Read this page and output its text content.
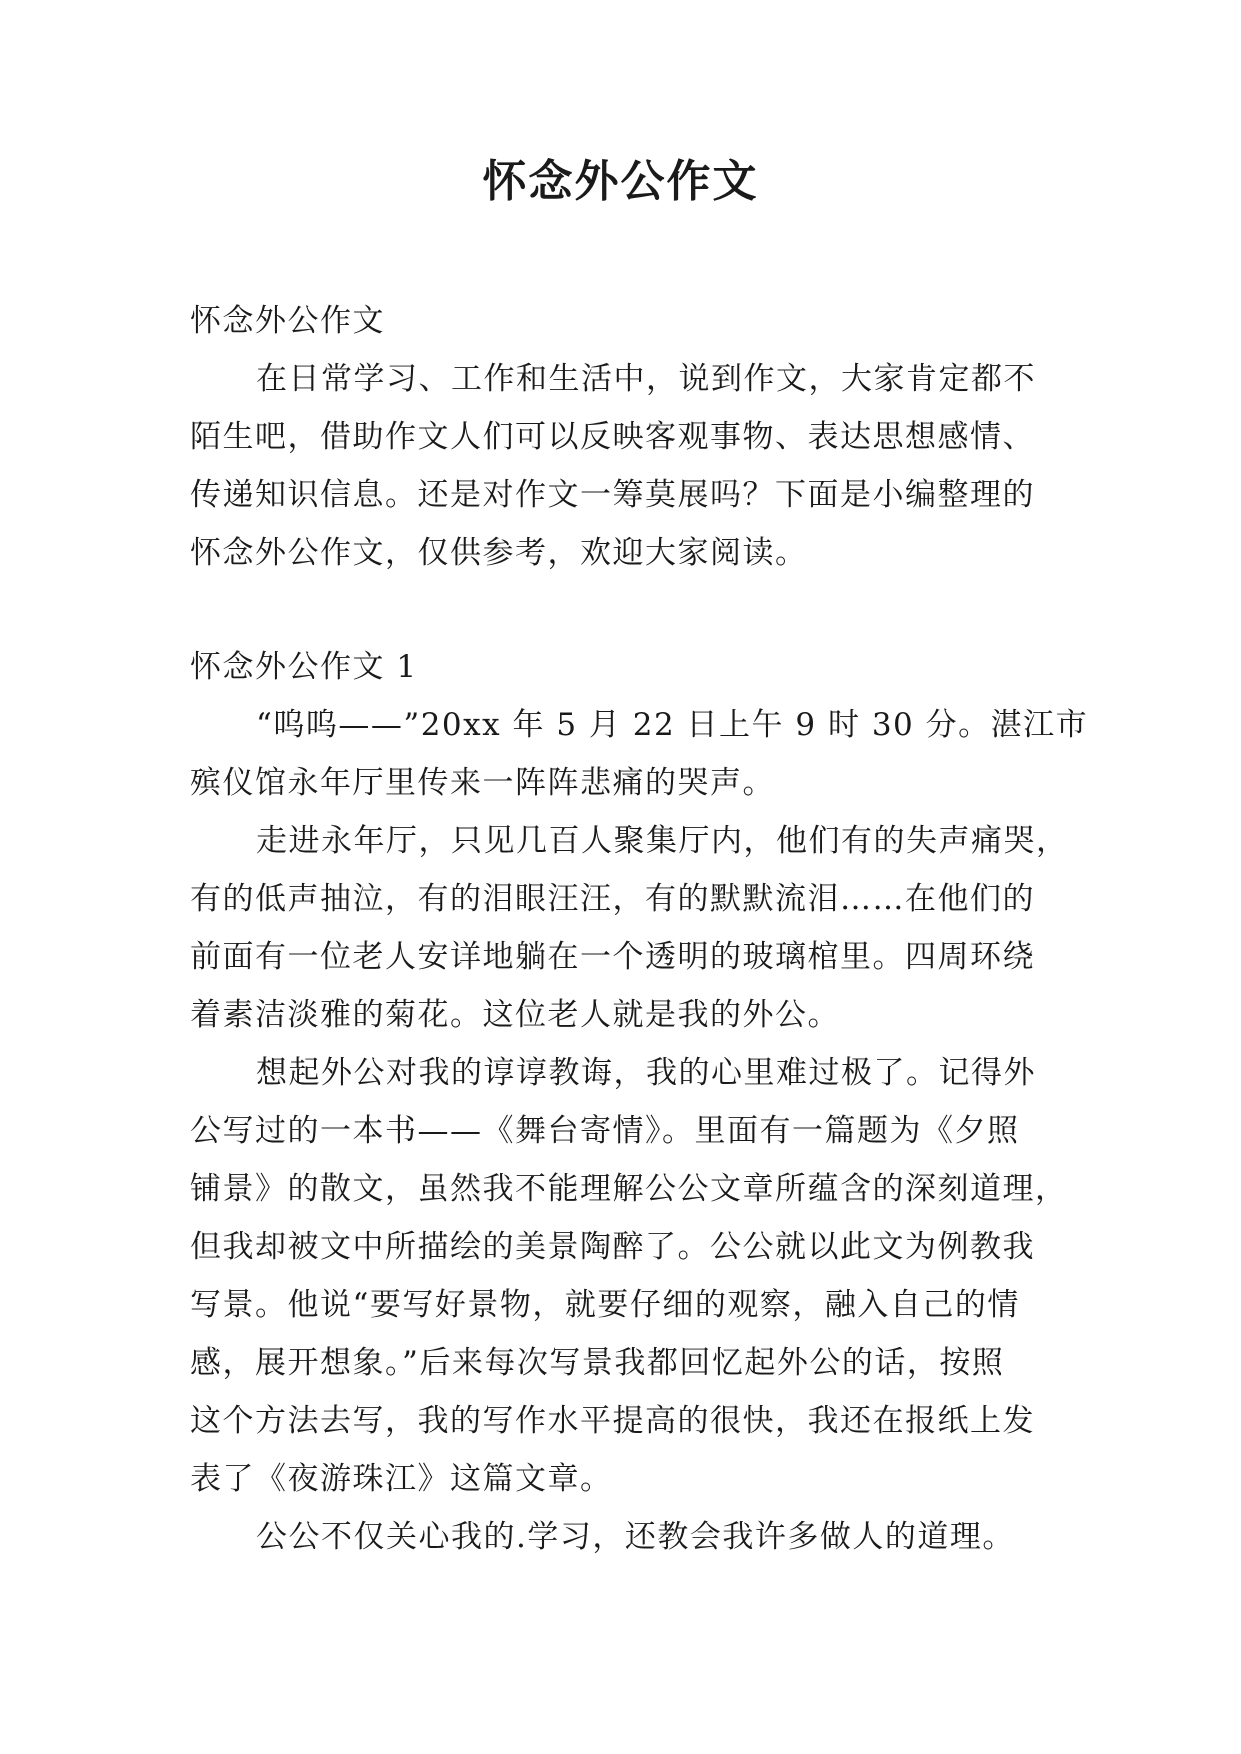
怀念外公作文
怀念外公作文
在日常学习、工作和生活中，说到作文，大家肯定都不
陌生吧，借助作文人们可以反映客观事物、表达思想感情、
传递知识信息。还是对作文一筹莫展吗？下面是小编整理的
怀念外公作文，仅供参考，欢迎大家阅读。
怀念外公作文 1
“呜呜——”20xx 年 5 月 22 日上午 9 时 30 分。湛江市
殡仪馆永年厅里传来一阵阵悲痛的哭声。
走进永年厅，只见几百人聚集厅内，他们有的失声痛哭，
有的低声抽泣，有的泪眼汪汪，有的默默流泪……在他们的
前面有一位老人安详地躺在一个透明的玻璃棺里。四周环绕
着素洁淡雅的菊花。这位老人就是我的外公。
想起外公对我的谆谆教诲，我的心里难过极了。记得外
公写过的一本书——《舞台寄情》。里面有一篇题为《夕照
铺景》的散文，虽然我不能理解公公文章所蕴含的深刻道理，
但我却被文中所描绘的美景陶醉了。公公就以此文为例教我
写景。他说“要写好景物，就要仔细的观察，融入自己的情
感，展开想象。”后来每次写景我都回忆起外公的话，按照
这个方法去写，我的写作水平提高的很快，我还在报纸上发
表了《夜游珠江》这篇文章。
公公不仅关心我的.学习，还教会我许多做人的道理。
